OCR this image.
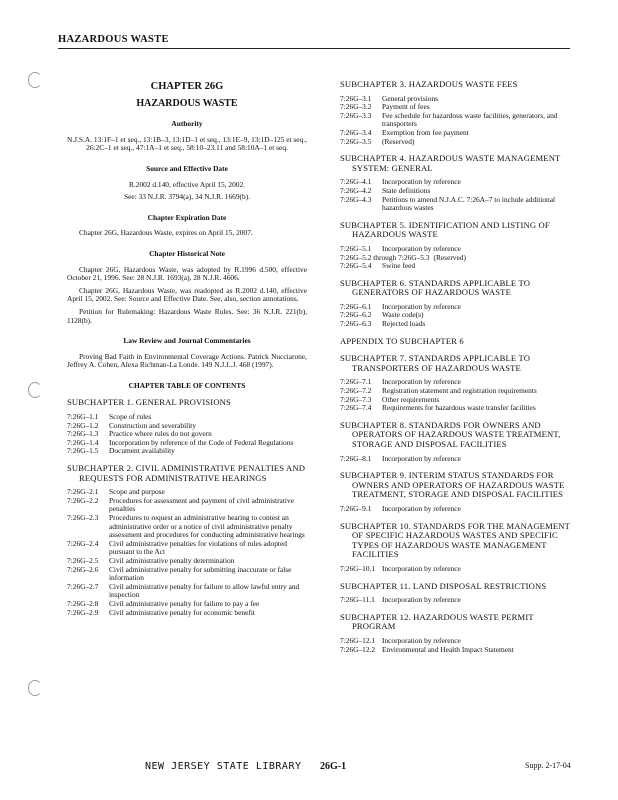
HAZARDOUS WASTE
CHAPTER 26G
HAZARDOUS WASTE
Authority

N.J.S.A. 13:1F–1 et seq., 13:1B–3, 13:1D–1 et seq., 13:1E–9, 13:1D–125 et seq., 26:2C–1 et seq., 47:1A–1 et seq., 58:10–23.11 and 58:10A–1 et seq.

Source and Effective Date

R.2002 d.140, effective April 15, 2002.

See: 33 N.J.R. 3794(a), 34 N.J.R. 1669(b).

Chapter Expiration Date

Chapter 26G, Hazardous Waste, expires on April 15, 2007.

Chapter Historical Note

Chapter 26G, Hazardous Waste, was adopted by R.1996 d.500, effective October 21, 1996. See: 28 N.J.R. 1693(a), 28 N.J.R. 4606.

Chapter 26G, Hazardous Waste, was readopted as R.2002 d.140, effective April 15, 2002. See: Source and Effective Date. See, also, section annotations.

Petition for Rulemaking: Hazardous Waste Rules. See: 36 N.J.R. 221(b), 1128(b).

Law Review and Journal Commentaries

Proving Bad Faith in Environmental Coverage Actions. Patrick Nucciarone, Jeffrey A. Cohen, Alexa Richman-La Londe. 149 N.J.L.J. 468 (1997).

CHAPTER TABLE OF CONTENTS
SUBCHAPTER 1. GENERAL PROVISIONS
7:26G–1.1	Scope of rules
7:26G–1.2	Construction and severability
7:26G–1.3	Practice where rules do not govern
7:26G–1.4	Incorporation by reference of the Code of Federal Regulations
7:26G–1.5	Document availability
SUBCHAPTER 2. CIVIL ADMINISTRATIVE PENALTIES AND REQUESTS FOR ADMINISTRATIVE HEARINGS
7:26G–2.1	Scope and purpose
7:26G–2.2	Procedures for assessment and payment of civil administrative penalties
7:26G–2.3	Procedures to request an administrative hearing to contest an administrative order or a notice of civil administrative penalty assessment and procedures for conducting administrative hearings
7:26G–2.4	Civil administrative penalties for violations of rules adopted pursuant to the Act
7:26G–2.5	Civil administrative penalty determination
7:26G–2.6	Civil administrative penalty for submitting inaccurate or false information
7:26G–2.7	Civil administrative penalty for failure to allow lawful entry and inspection
7:26G–2.8	Civil administrative penalty for failure to pay a fee
7:26G–2.9	Civil administrative penalty for economic benefit
SUBCHAPTER 3. HAZARDOUS WASTE FEES
7:26G–3.1	General provisions
7:26G–3.2	Payment of fees
7:26G–3.3	Fee schedule for hazardous waste facilities, generators, and transporters
7:26G–3.4	Exemption from fee payment
7:26G–3.5	(Reserved)
SUBCHAPTER 4. HAZARDOUS WASTE MANAGEMENT SYSTEM: GENERAL
7:26G–4.1	Incorporation by reference
7:26G–4.2	State definitions
7:26G–4.3	Petitions to amend N.J.A.C. 7:26A–7 to include additional hazardous wastes
SUBCHAPTER 5. IDENTIFICATION AND LISTING OF HAZARDOUS WASTE
7:26G–5.1	Incorporation by reference
7:26G–5.2 through 7:26G–5.3 (Reserved)
7:26G–5.4	Swine feed
SUBCHAPTER 6. STANDARDS APPLICABLE TO GENERATORS OF HAZARDOUS WASTE
7:26G–6.1	Incorporation by reference
7:26G–6.2	Waste code(s)
7:26G–6.3	Rejected loads
APPENDIX TO SUBCHAPTER 6
SUBCHAPTER 7. STANDARDS APPLICABLE TO TRANSPORTERS OF HAZARDOUS WASTE
7:26G–7.1	Incorporation by reference
7:26G–7.2	Registration statement and registration requirements
7:26G–7.3	Other requirements
7:26G–7.4	Requirements for hazardous waste transfer facilities
SUBCHAPTER 8. STANDARDS FOR OWNERS AND OPERATORS OF HAZARDOUS WASTE TREATMENT, STORAGE AND DISPOSAL FACILITIES
7:26G–8.1	Incorporation by reference
SUBCHAPTER 9. INTERIM STATUS STANDARDS FOR OWNERS AND OPERATORS OF HAZARDOUS WASTE TREATMENT, STORAGE AND DISPOSAL FACILITIES
7:26G–9.1	Incorporation by reference
SUBCHAPTER 10. STANDARDS FOR THE MANAGEMENT OF SPECIFIC HAZARDOUS WASTES AND SPECIFIC TYPES OF HAZARDOUS WASTE MANAGEMENT FACILITIES
7:26G–10.1 Incorporation by reference
SUBCHAPTER 11. LAND DISPOSAL RESTRICTIONS
7:26G–11.1 Incorporation by reference
SUBCHAPTER 12. HAZARDOUS WASTE PERMIT PROGRAM
7:26G–12.1 Incorporation by reference
7:26G–12.2 Environmental and Health Impact Statement
NEW JERSEY STATE LIBRARY 26G-1	Supp. 2-17-04
